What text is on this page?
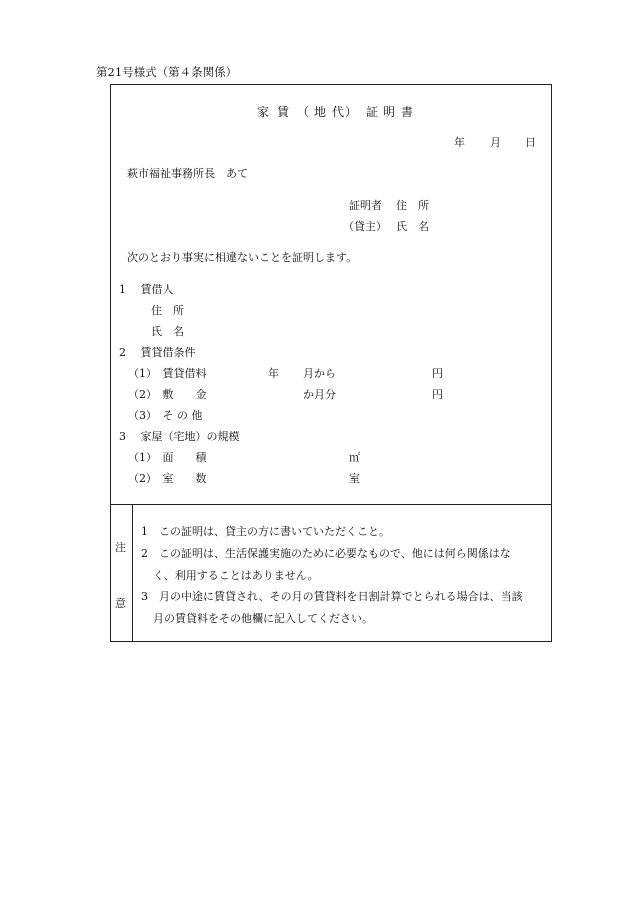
第21号様式（第４条関係）
家 賃 （ 地 代 ） 証 明 書
年 月 日
萩市福祉事務所長　あて
証明者 住　所
（貸主） 氏　名
次のとおり事実に相違ないことを証明します。
1　 賃借人
住　所
氏　名
2　 賃貸借条件
（1）　賃貸借料	年 月から	円
（2）　敷　　金	か月分	円
（3）　そ の 他
3　 家屋（宅地）の規模
（1）　面　　積	㎡
（2）　室　　数	室
注
意
1　この証明は、貸主の方に書いていただくこと。
2　この証明は、生活保護実施のために必要なもので、他には何ら関係はな
く、利用することはありません。
3　月の中途に賃貸され、その月の賃貸料を日割計算でとられる場合は、当該
月の賃貸料をその他欄に記入してください。
